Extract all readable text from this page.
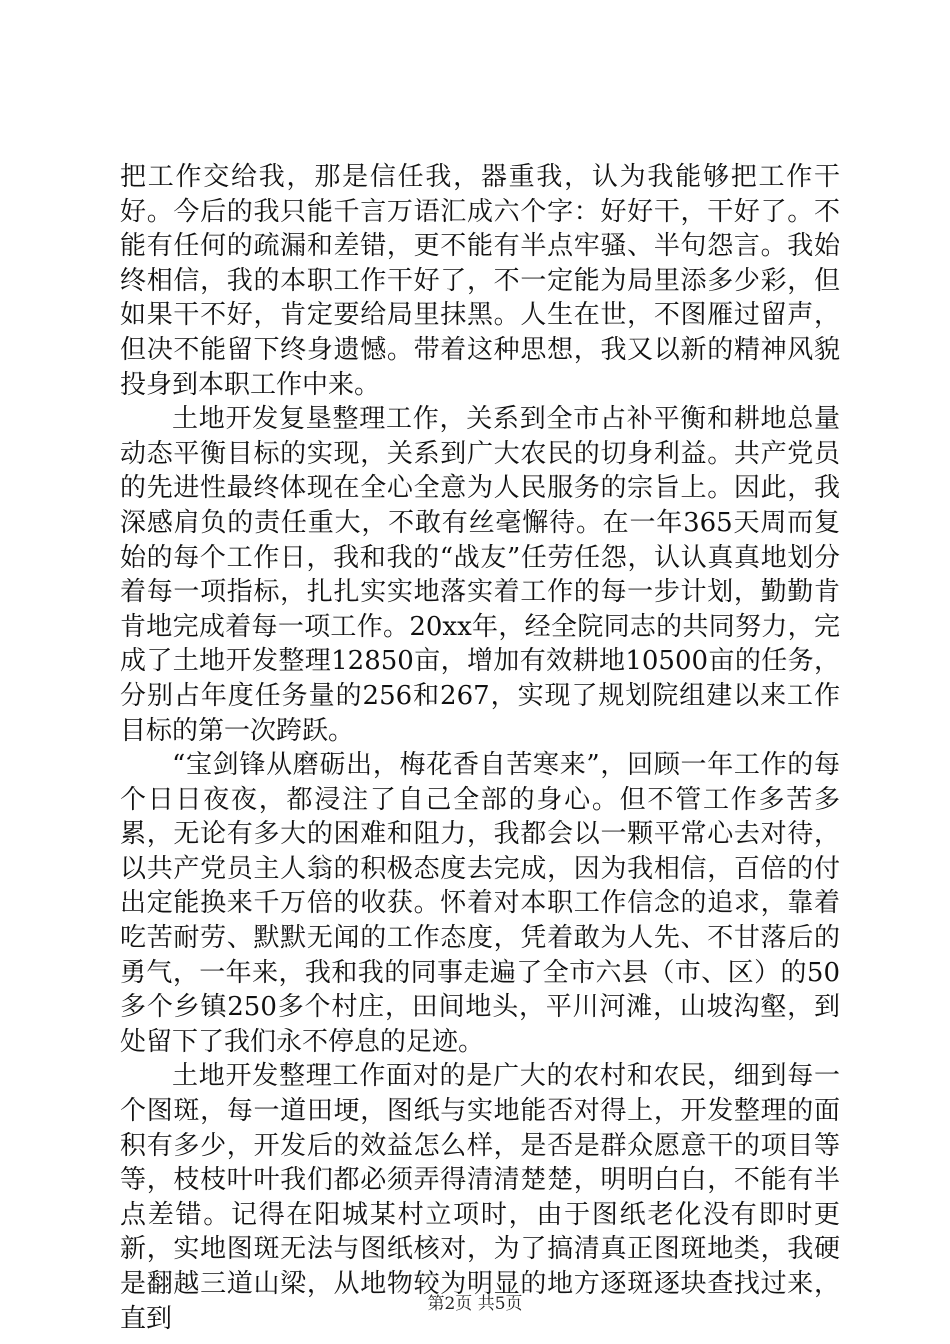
把工作交给我，那是信任我，器重我，认为我能够把工作干好。今后的我只能千言万语汇成六个字：好好干，干好了。不能有任何的疏漏和差错，更不能有半点牢骚、半句怨言。我始终相信，我的本职工作干好了，不一定能为局里添多少彩，但如果干不好，肯定要给局里抹黑。人生在世，不图雁过留声，但决不能留下终身遗憾。带着这种思想，我又以新的精神风貌投身到本职工作中来。

土地开发复垦整理工作，关系到全市占补平衡和耕地总量动态平衡目标的实现，关系到广大农民的切身利益。共产党员的先进性最终体现在全心全意为人民服务的宗旨上。因此，我深感肩负的责任重大，不敢有丝毫懈待。在一年365天周而复始的每个工作日，我和我的“战友”任劳任怨，认认真真地划分着每一项指标，扎扎实实地落实着工作的每一步计划，勤勤肯肯地完成着每一项工作。20xx年，经全院同志的共同努力，完成了土地开发整理12850亩，增加有效耕地10500亩的任务，分别占年度任务量的256和267，实现了规划院组建以来工作目标的第一次跨跃。

“宝剑锋从磨砺出，梅花香自苦寒来”，回顾一年工作的每个日日夜夜，都浸注了自己全部的身心。但不管工作多苦多累，无论有多大的困难和阻力，我都会以一颗平常心去对待，以共产党员主人翁的积极态度去完成，因为我相信，百倍的付出定能换来千万倍的收获。怀着对本职工作信念的追求，靠着吃苦耐劳、默默无闻的工作态度，凭着敢为人先、不甘落后的勇气，一年来，我和我的同事走遍了全市六县（市、区）的50多个乡镇250多个村庄，田间地头，平川河滩，山坡沟壑，到处留下了我们永不停息的足迹。

土地开发整理工作面对的是广大的农村和农民，细到每一个图斑，每一道田埂，图纸与实地能否对得上，开发整理的面积有多少，开发后的效益怎么样，是否是群众愿意干的项目等等，枝枝叶叶我们都必须弄得清清楚楚，明明白白，不能有半点差错。记得在阳城某村立项时，由于图纸老化没有即时更新，实地图斑无法与图纸核对，为了搞清真正图斑地类，我硬是翻越三道山梁，从地物较为明显的地方逐斑逐块查找过来，直到	第2页 共5页
